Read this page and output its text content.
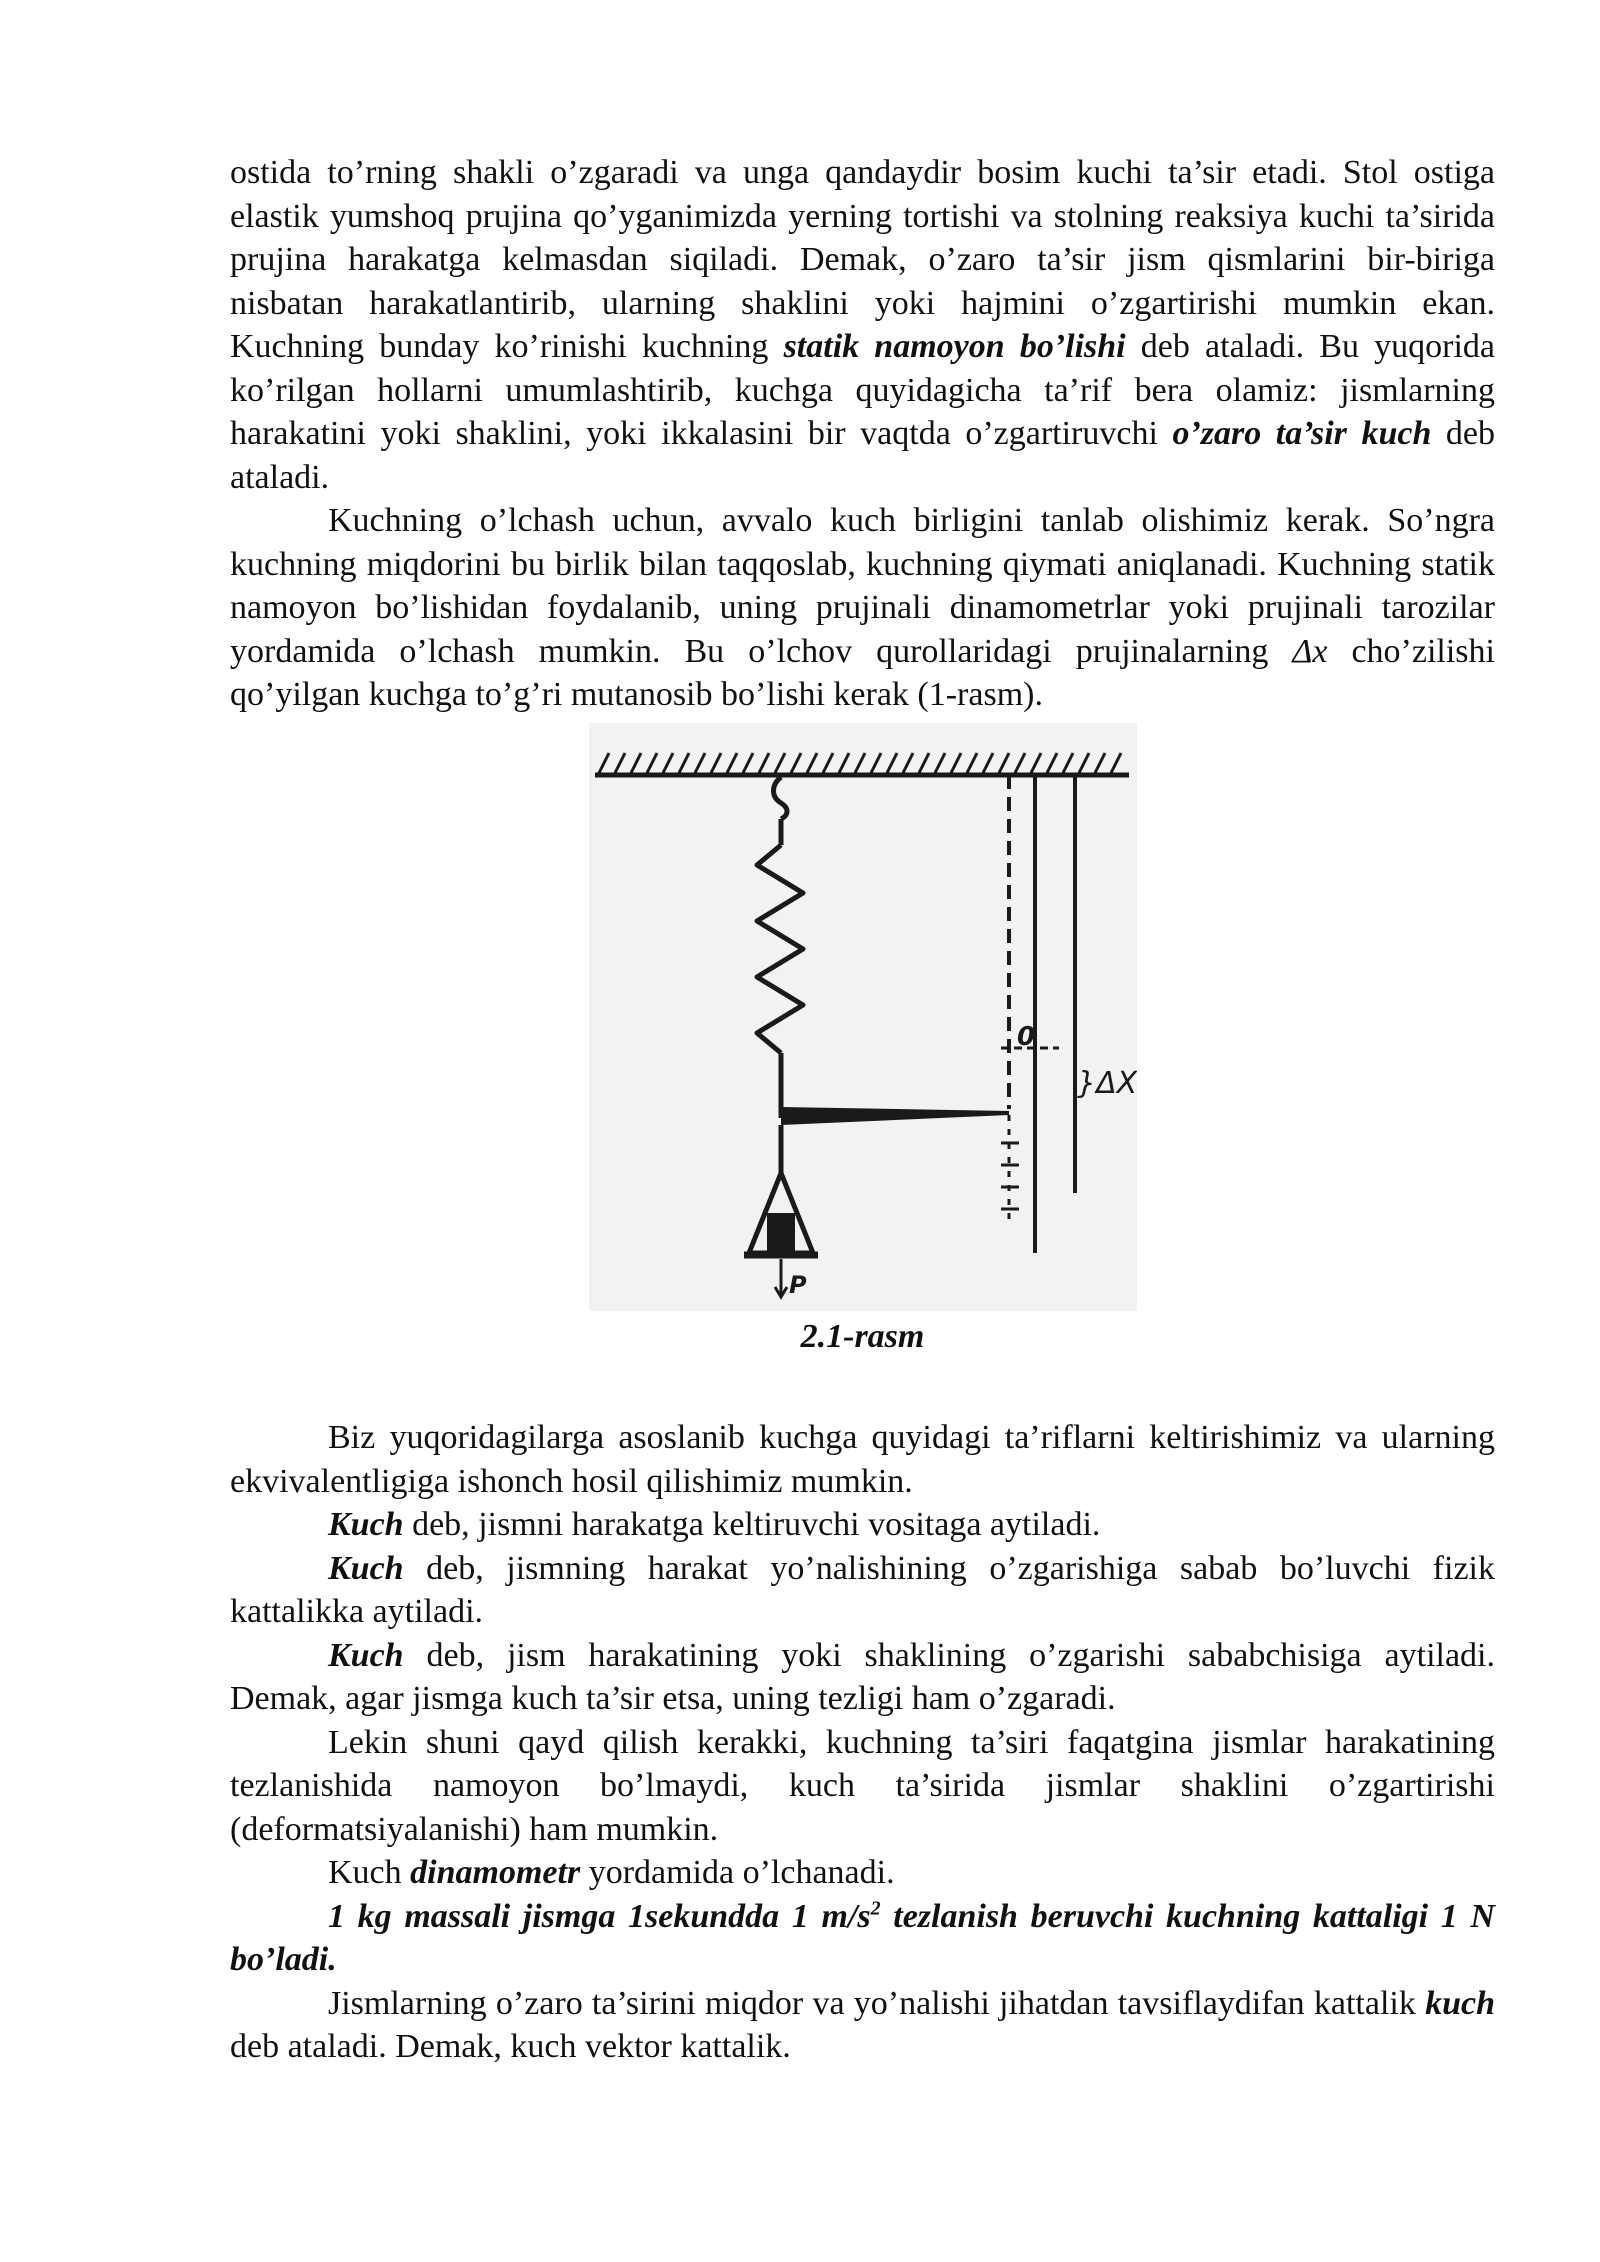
ostida to’rning shakli o’zgaradi va unga qandaydir bosim kuchi ta’sir etadi. Stol ostiga elastik yumshoq prujina qo’yganimizda yerning tortishi va stolning reaksiya kuchi ta’sirida prujina harakatga kelmasdan siqiladi. Demak, o’zaro ta’sir jism qismlarini bir-biriga nisbatan harakatlantirib, ularning shaklini yoki hajmini o’zgartirishi mumkin ekan. Kuchning bunday ko’rinishi kuchning statik namoyon bo’lishi deb ataladi. Bu yuqorida ko’rilgan hollarni umumlashtirib, kuchga quyidagicha ta’rif bera olamiz: jismlarning harakatini yoki shaklini, yoki ikkalasini bir vaqtda o’zgartiruvchi o’zaro ta’sir kuch deb ataladi.

Kuchning o’lchash uchun, avvalo kuch birligini tanlab olishimiz kerak. So’ngra kuchning miqdorini bu birlik bilan taqqoslab, kuchning qiymati aniqlanadi. Kuchning statik namoyon bo’lishidan foydalanib, uning prujinali dinamometrlar yoki prujinali tarozilar yordamida o’lchash mumkin. Bu o’lchov qurollaridagi prujinalarning Δx cho’zilishi qo’yilgan kuchga to’g’ri mutanosib bo’lishi kerak (1-rasm).

0
}ΔX
P
2.1-rasm

Biz yuqoridagilarga asoslanib kuchga quyidagi ta’riflarni keltirishimiz va ularning ekvivalentligiga ishonch hosil qilishimiz mumkin.

Kuch deb, jismni harakatga keltiruvchi vositaga aytiladi.

Kuch deb, jismning harakat yo’nalishining o’zgarishiga sabab bo’luvchi fizik kattalikka aytiladi.

Kuch deb, jism harakatining yoki shaklining o’zgarishi sababchisiga aytiladi. Demak, agar jismga kuch ta’sir etsa, uning tezligi ham o’zgaradi.

Lekin shuni qayd qilish kerakki, kuchning ta’siri faqatgina jismlar harakatining tezlanishida namoyon bo’lmaydi, kuch ta’sirida jismlar shaklini o’zgartirishi (deformatsiyalanishi) ham mumkin.

Kuch dinamometr yordamida o’lchanadi.

1 kg massali jismga 1sekundda 1 $m/s^2$ tezlanish beruvchi kuchning kattaligi 1 N bo’ladi.

Jismlarning o’zaro ta’sirini miqdor va yo’nalishi jihatdan tavsiflaydifan kattalik kuch deb ataladi. Demak, kuch vektor kattalik.
